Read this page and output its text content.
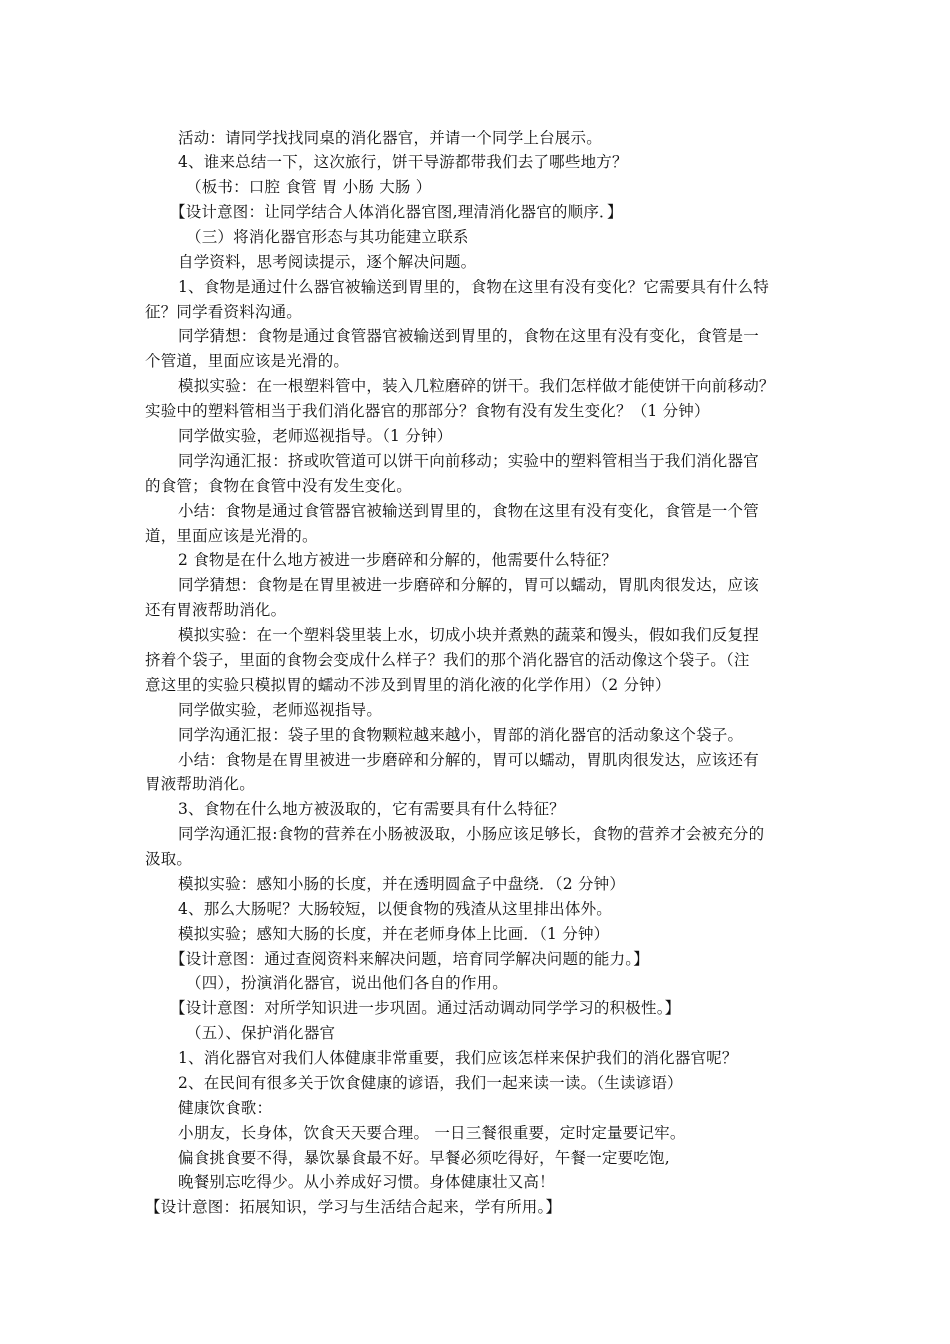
活动：请同学找找同桌的消化器官，并请一个同学上台展示。
4、谁来总结一下，这次旅行，饼干导游都带我们去了哪些地方？
（板书：口腔 食管 胃 小肠 大肠 ）
【设计意图：让同学结合人体消化器官图,理清消化器官的顺序．】
（三）将消化器官形态与其功能建立联系
自学资料，思考阅读提示，逐个解决问题。
1、食物是通过什么器官被输送到胃里的，食物在这里有没有变化？它需要具有什么特
征？同学看资料沟通。
同学猜想：食物是通过食管器官被输送到胃里的，食物在这里有没有变化，食管是一
个管道，里面应该是光滑的。
模拟实验：在一根塑料管中，装入几粒磨碎的饼干。我们怎样做才能使饼干向前移动？
实验中的塑料管相当于我们消化器官的那部分？食物有没有发生变化？（1 分钟）
同学做实验，老师巡视指导。（1 分钟）
同学沟通汇报：挤或吹管道可以饼干向前移动；实验中的塑料管相当于我们消化器官
的食管；食物在食管中没有发生变化。
小结：食物是通过食管器官被输送到胃里的，食物在这里有没有变化，食管是一个管
道，里面应该是光滑的。
2 食物是在什么地方被进一步磨碎和分解的，他需要什么特征？
同学猜想：食物是在胃里被进一步磨碎和分解的，胃可以蠕动，胃肌肉很发达，应该
还有胃液帮助消化。
模拟实验：在一个塑料袋里装上水，切成小块并煮熟的蔬菜和馒头，假如我们反复捏
挤着个袋子，里面的食物会变成什么样子？我们的那个消化器官的活动像这个袋子。（注
意这里的实验只模拟胃的蠕动不涉及到胃里的消化液的化学作用）（2 分钟）
同学做实验，老师巡视指导。
同学沟通汇报：袋子里的食物颗粒越来越小，胃部的消化器官的活动象这个袋子。
小结：食物是在胃里被进一步磨碎和分解的，胃可以蠕动，胃肌肉很发达，应该还有
胃液帮助消化。
3、食物在什么地方被汲取的，它有需要具有什么特征？
同学沟通汇报:食物的营养在小肠被汲取，小肠应该足够长，食物的营养才会被充分的
汲取。
模拟实验：感知小肠的长度，并在透明圆盒子中盘绕．（2 分钟）
4、那么大肠呢？大肠较短，以便食物的残渣从这里排出体外。
模拟实验；感知大肠的长度，并在老师身体上比画．（1 分钟）
【设计意图：通过查阅资料来解决问题，培育同学解决问题的能力。】
（四），扮演消化器官，说出他们各自的作用。
【设计意图：对所学知识进一步巩固。通过活动调动同学学习的积极性。】
（五）、保护消化器官
1、消化器官对我们人体健康非常重要，我们应该怎样来保护我们的消化器官呢？
2、在民间有很多关于饮食健康的谚语，我们一起来读一读。（生读谚语）
健康饮食歌：
小朋友，长身体，饮食天天要合理。 一日三餐很重要，定时定量要记牢。
偏食挑食要不得，暴饮暴食最不好。早餐必须吃得好，午餐一定要吃饱,
晚餐别忘吃得少。从小养成好习惯。身体健康壮又高！
【设计意图：拓展知识，学习与生活结合起来，学有所用。】
